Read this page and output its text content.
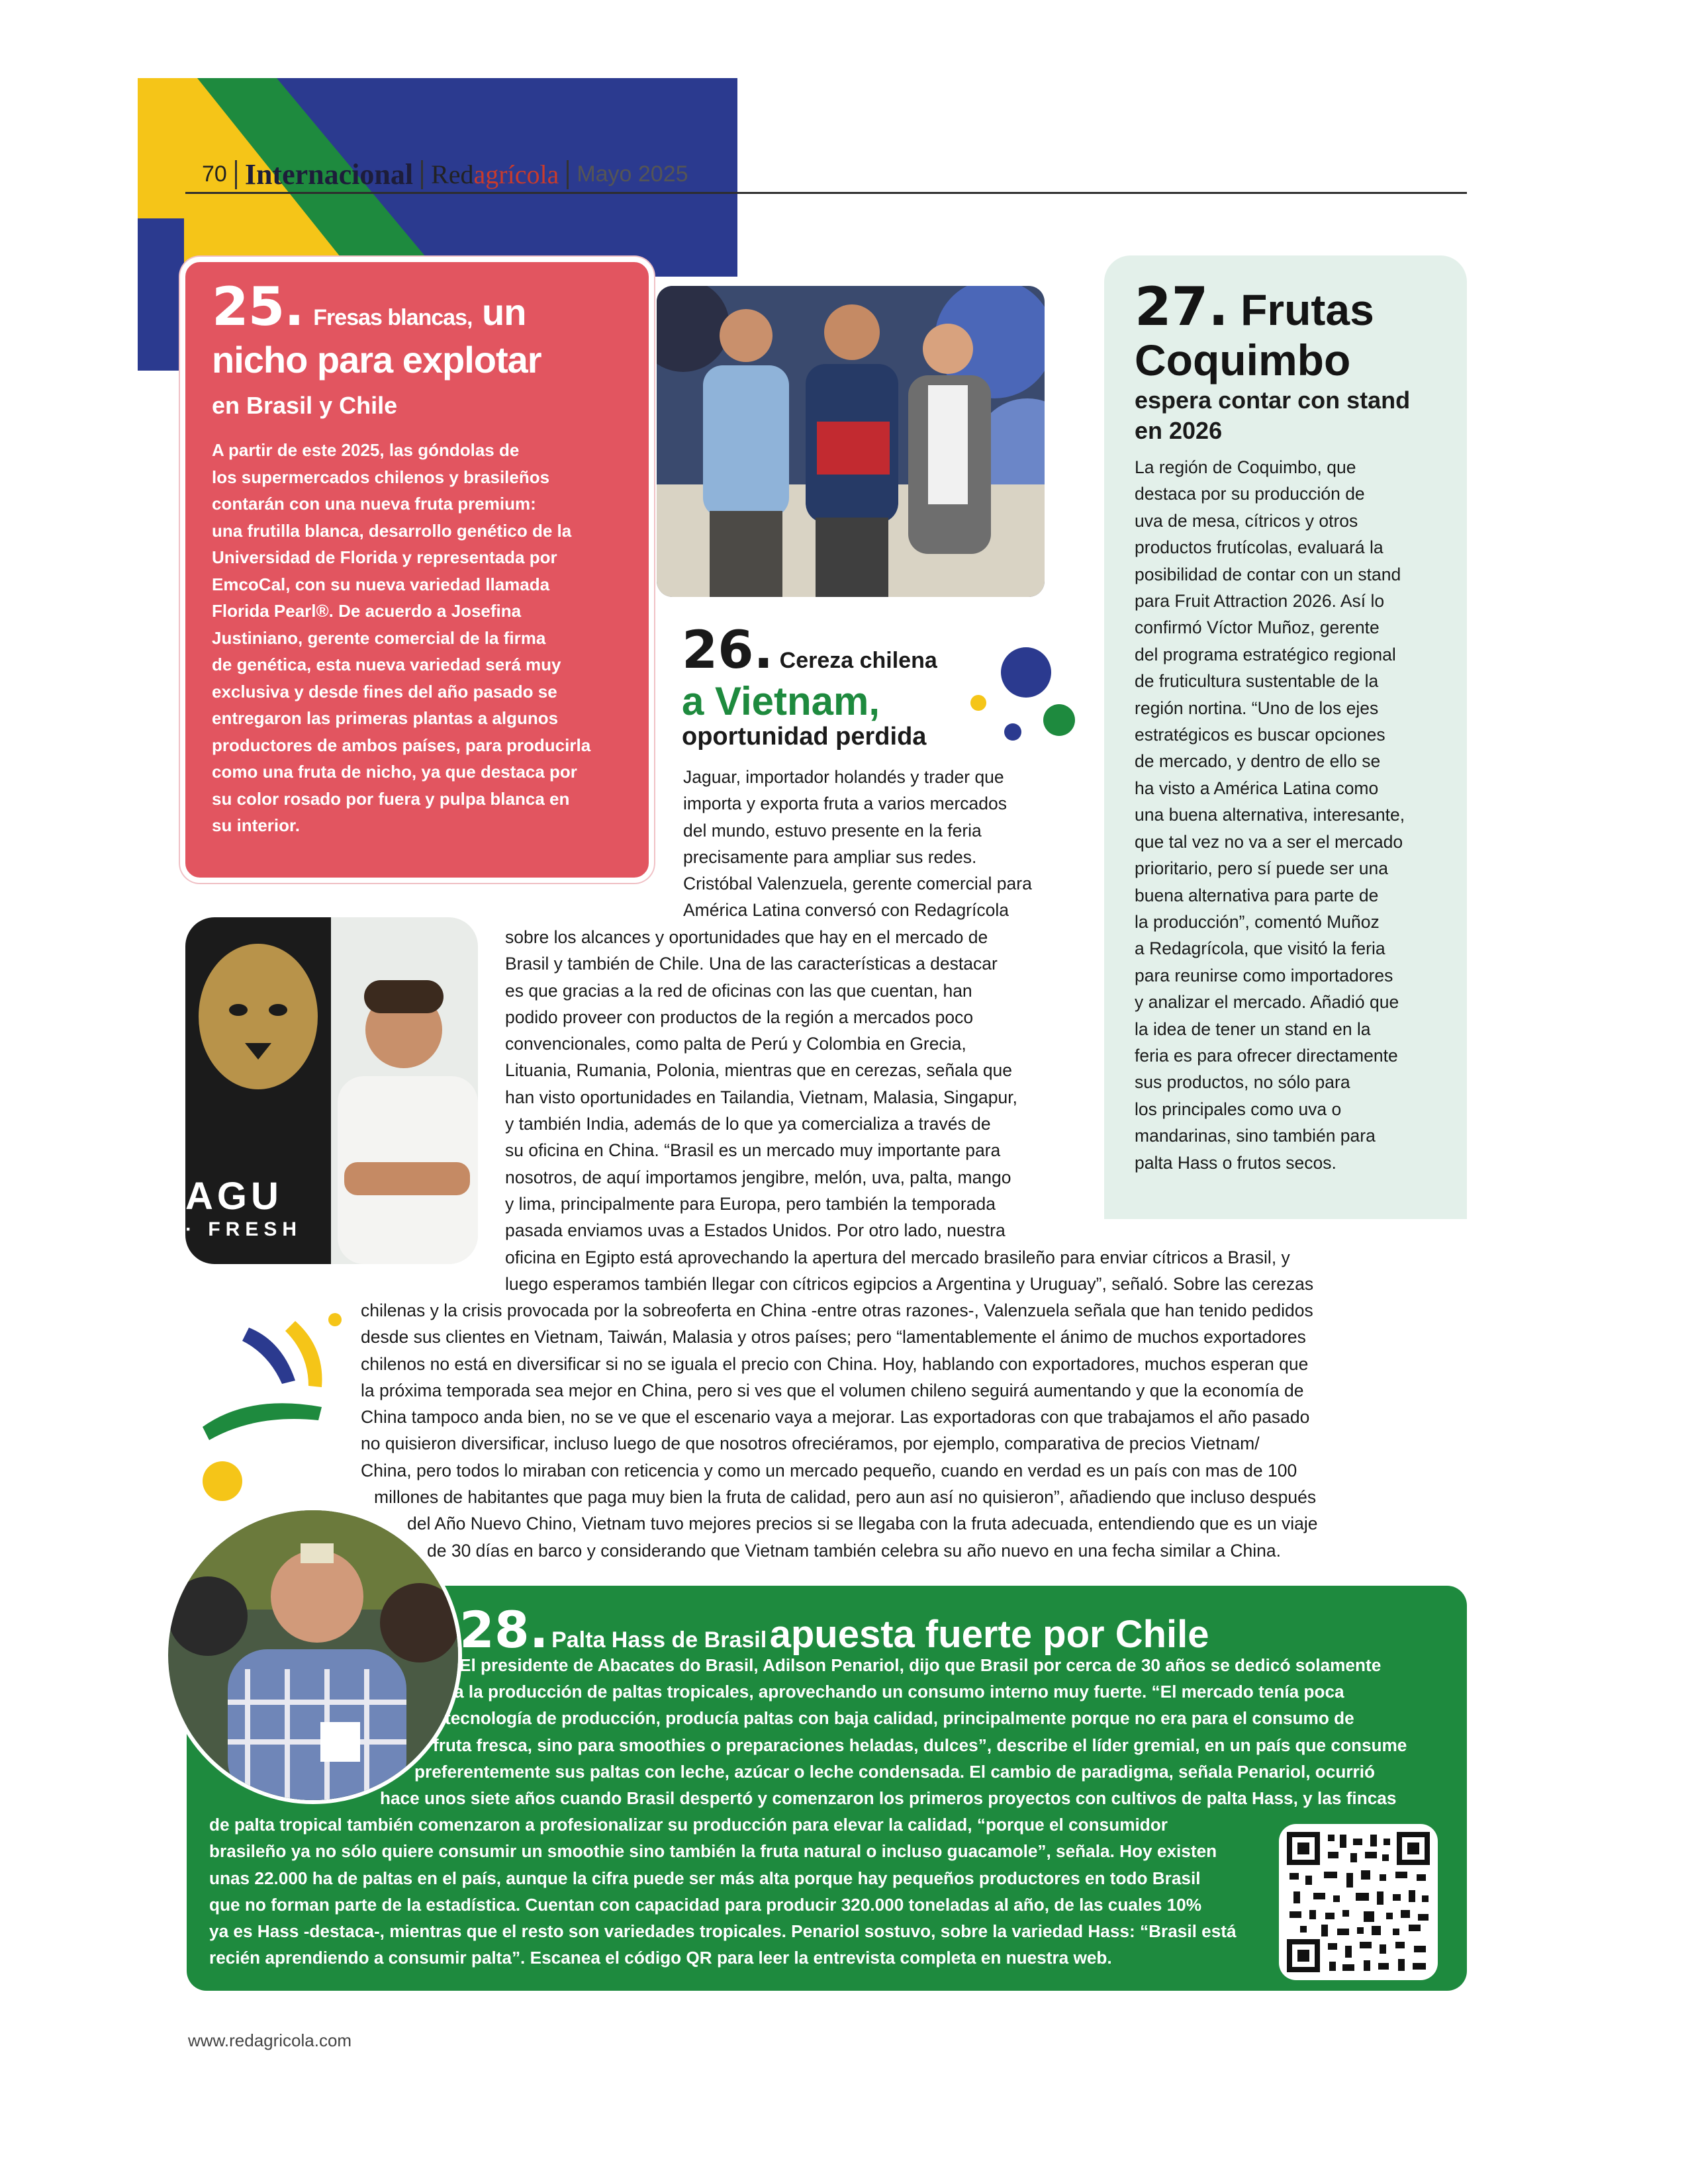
70 Internacional Redagrícola Mayo 2025
25. Fresas blancas, un
nicho para explotar
en Brasil y Chile
A partir de este 2025, las góndolas de
los supermercados chilenos y brasileños
contarán con una nueva fruta premium:
una frutilla blanca, desarrollo genético de la
Universidad de Florida y representada por
EmcoCal, con su nueva variedad llamada
Florida Pearl®. De acuerdo a Josefina
Justiniano, gerente comercial de la firma
de genética, esta nueva variedad será muy
exclusiva y desde fines del año pasado se
entregaron las primeras plantas a algunos
productores de ambos países, para producirla
como una fruta de nicho, ya que destaca por
su color rosado por fuera y pulpa blanca en
su interior.
26. Cereza chilena
a Vietnam,
oportunidad perdida
Jaguar, importador holandés y trader que
importa y exporta fruta a varios mercados
del mundo, estuvo presente en la feria
precisamente para ampliar sus redes.
Cristóbal Valenzuela, gerente comercial para
América Latina conversó con Redagrícola
AGU
· FRESH
sobre los alcances y oportunidades que hay en el mercado de
Brasil y también de Chile. Una de las características a destacar
es que gracias a la red de oficinas con las que cuentan, han
podido proveer con productos de la región a mercados poco
convencionales, como palta de Perú y Colombia en Grecia,
Lituania, Rumania, Polonia, mientras que en cerezas, señala que
han visto oportunidades en Tailandia, Vietnam, Malasia, Singapur,
y también India, además de lo que ya comercializa a través de
su oficina en China. “Brasil es un mercado muy importante para
nosotros, de aquí importamos jengibre, melón, uva, palta, mango
y lima, principalmente para Europa, pero también la temporada
pasada enviamos uvas a Estados Unidos. Por otro lado, nuestra
oficina en Egipto está aprovechando la apertura del mercado brasileño para enviar cítricos a Brasil, y
luego esperamos también llegar con cítricos egipcios a Argentina y Uruguay”, señaló. Sobre las cerezas
chilenas y la crisis provocada por la sobreoferta en China -entre otras razones-, Valenzuela señala que han tenido pedidos
desde sus clientes en Vietnam, Taiwán, Malasia y otros países; pero “lamentablemente el ánimo de muchos exportadores
chilenos no está en diversificar si no se iguala el precio con China. Hoy, hablando con exportadores, muchos esperan que
la próxima temporada sea mejor en China, pero si ves que el volumen chileno seguirá aumentando y que la economía de
China tampoco anda bien, no se ve que el escenario vaya a mejorar. Las exportadoras con que trabajamos el año pasado
no quisieron diversificar, incluso luego de que nosotros ofreciéramos, por ejemplo, comparativa de precios Vietnam/
China, pero todos lo miraban con reticencia y como un mercado pequeño, cuando en verdad es un país con mas de 100
millones de habitantes que paga muy bien la fruta de calidad, pero aun así no quisieron”, añadiendo que incluso después
del Año Nuevo Chino, Vietnam tuvo mejores precios si se llegaba con la fruta adecuada, entendiendo que es un viaje
de 30 días en barco y considerando que Vietnam también celebra su año nuevo en una fecha similar a China.
27. Frutas
Coquimbo
espera contar con stand
en 2026
La región de Coquimbo, que
destaca por su producción de
uva de mesa, cítricos y otros
productos frutícolas, evaluará la
posibilidad de contar con un stand
para Fruit Attraction 2026. Así lo
confirmó Víctor Muñoz, gerente
del programa estratégico regional
de fruticultura sustentable de la
región nortina. “Uno de los ejes
estratégicos es buscar opciones
de mercado, y dentro de ello se
ha visto a América Latina como
una buena alternativa, interesante,
que tal vez no va a ser el mercado
prioritario, pero sí puede ser una
buena alternativa para parte de
la producción”, comentó Muñoz
a Redagrícola, que visitó la feria
para reunirse como importadores
y analizar el mercado. Añadió que
la idea de tener un stand en la
feria es para ofrecer directamente
sus productos, no sólo para
los principales como uva o
mandarinas, sino también para
palta Hass o frutos secos.
28. Palta Hass de Brasil apuesta fuerte por Chile
El presidente de Abacates do Brasil, Adilson Penariol, dijo que Brasil por cerca de 30 años se dedicó solamente
a la producción de paltas tropicales, aprovechando un consumo interno muy fuerte. “El mercado tenía poca
tecnología de producción, producía paltas con baja calidad, principalmente porque no era para el consumo de
fruta fresca, sino para smoothies o preparaciones heladas, dulces”, describe el líder gremial, en un país que consume
preferentemente sus paltas con leche, azúcar o leche condensada. El cambio de paradigma, señala Penariol, ocurrió
hace unos siete años cuando Brasil despertó y comenzaron los primeros proyectos con cultivos de palta Hass, y las fincas
de palta tropical también comenzaron a profesionalizar su producción para elevar la calidad, “porque el consumidor
brasileño ya no sólo quiere consumir un smoothie sino también la fruta natural o incluso guacamole”, señala. Hoy existen
unas 22.000 ha de paltas en el país, aunque la cifra puede ser más alta porque hay pequeños productores en todo Brasil
que no forman parte de la estadística. Cuentan con capacidad para producir 320.000 toneladas al año, de las cuales 10%
ya es Hass -destaca-, mientras que el resto son variedades tropicales. Penariol sostuvo, sobre la variedad Hass: “Brasil está
recién aprendiendo a consumir palta”. Escanea el código QR para leer la entrevista completa en nuestra web.
www.redagricola.com
